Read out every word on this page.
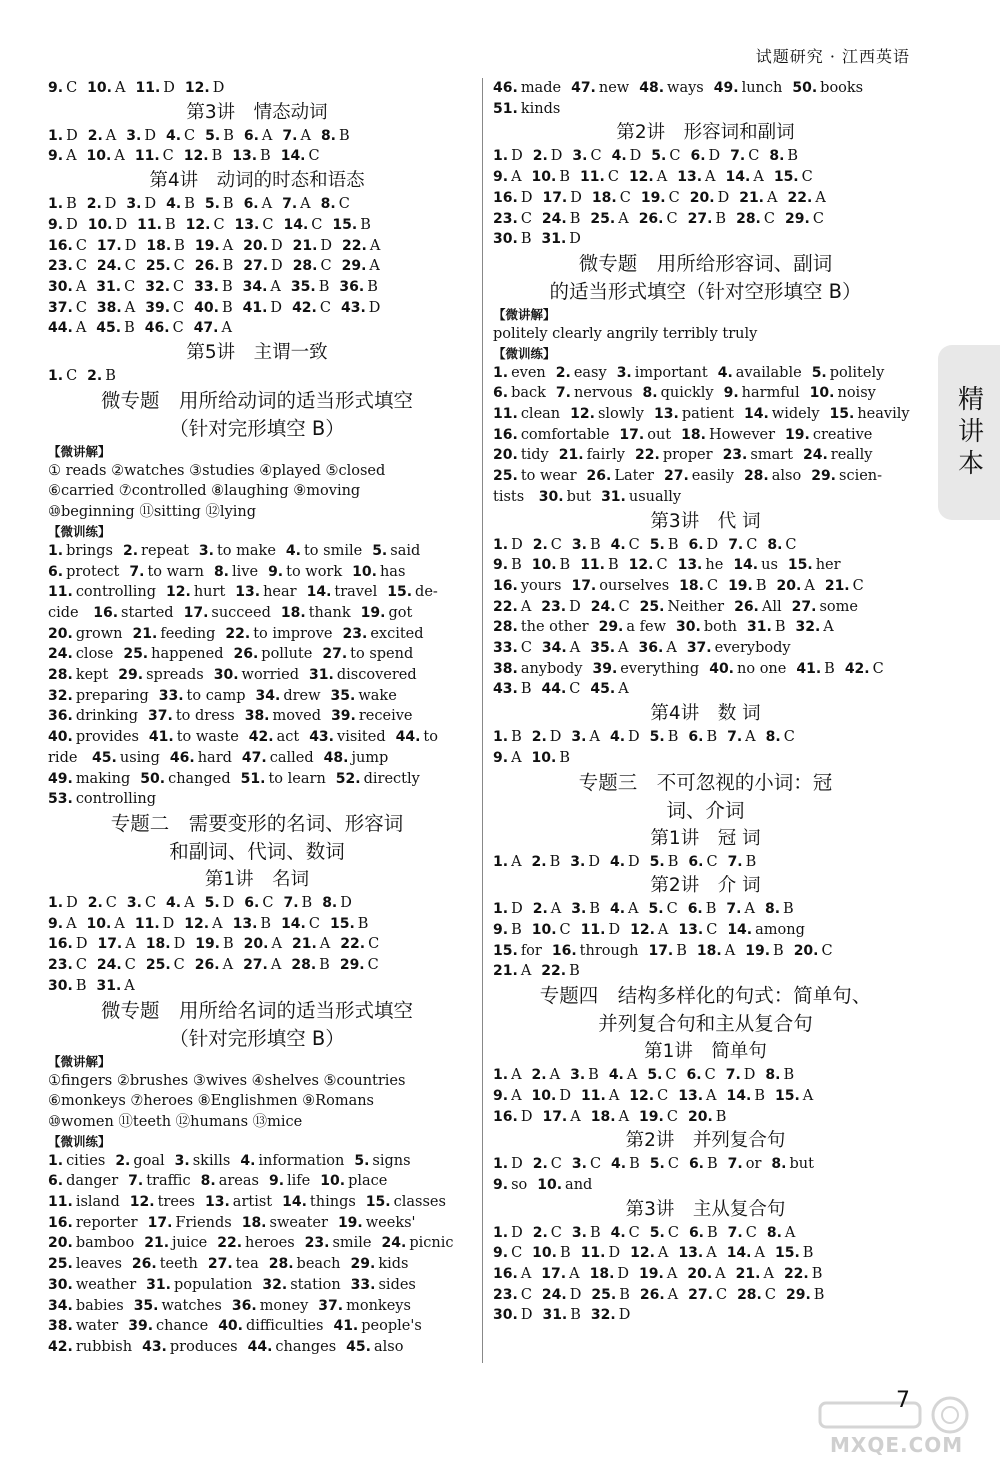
试题研究 · 江西英语
9. C 10. A 11. D 12. D
第3讲　情态动词
1. D 2. A 3. D 4. C 5. B 6. A 7. A 8. B
9. A 10. A 11. C 12. B 13. B 14. C
第4讲　动词的时态和语态
1. B 2. D 3. D 4. B 5. B 6. A 7. A 8. C
9. D 10. D 11. B 12. C 13. C 14. C 15. B
16. C 17. D 18. B 19. A 20. D 21. D 22. A
23. C 24. C 25. C 26. B 27. D 28. C 29. A
30. A 31. C 32. C 33. B 34. A 35. B 36. B
37. C 38. A 39. C 40. B 41. D 42. C 43. D
44. A 45. B 46. C 47. A
第5讲　主谓一致
1. C 2. B
微专题　用所给动词的适当形式填空
（针对完形填空 B）
【微讲解】
① reads ②watches ③studies ④played ⑤closed
⑥carried ⑦controlled ⑧laughing ⑨moving
⑩beginning ⑪sitting ⑫lying
【微训练】
1. brings 2. repeat 3. to make 4. to smile 5. said
6. protect 7. to warn 8. live 9. to work 10. has
11. controlling 12. hurt 13. hear 14. travel 15. de-
cide 16. started 17. succeed 18. thank 19. got
20. grown 21. feeding 22. to improve 23. excited
24. close 25. happened 26. pollute 27. to spend
28. kept 29. spreads 30. worried 31. discovered
32. preparing 33. to camp 34. drew 35. wake
36. drinking 37. to dress 38. moved 39. receive
40. provides 41. to waste 42. act 43. visited 44. to
ride 45. using 46. hard 47. called 48. jump
49. making 50. changed 51. to learn 52. directly
53. controlling
专题二　需要变形的名词、形容词
和副词、代词、数词
第1讲　名词
1. D 2. C 3. C 4. A 5. D 6. C 7. B 8. D
9. A 10. A 11. D 12. A 13. B 14. C 15. B
16. D 17. A 18. D 19. B 20. A 21. A 22. C
23. C 24. C 25. C 26. A 27. A 28. B 29. C
30. B 31. A
微专题　用所给名词的适当形式填空
（针对完形填空 B）
【微讲解】
①fingers ②brushes ③wives ④shelves ⑤countries
⑥monkeys ⑦heroes ⑧Englishmen ⑨Romans
⑩women ⑪teeth ⑫humans ⑬mice
【微训练】
1. cities 2. goal 3. skills 4. information 5. signs
6. danger 7. traffic 8. areas 9. life 10. place
11. island 12. trees 13. artist 14. things 15. classes
16. reporter 17. Friends 18. sweater 19. weeks'
20. bamboo 21. juice 22. heroes 23. smile 24. picnic
25. leaves 26. teeth 27. tea 28. beach 29. kids
30. weather 31. population 32. station 33. sides
34. babies 35. watches 36. money 37. monkeys
38. water 39. chance 40. difficulties 41. people's
42. rubbish 43. produces 44. changes 45. also
46. made 47. new 48. ways 49. lunch 50. books
51. kinds
第2讲　形容词和副词
1. D 2. D 3. C 4. D 5. C 6. D 7. C 8. B
9. A 10. B 11. C 12. A 13. A 14. A 15. C
16. D 17. D 18. C 19. C 20. D 21. A 22. A
23. C 24. B 25. A 26. C 27. B 28. C 29. C
30. B 31. D
微专题　用所给形容词、副词
的适当形式填空（针对空形填空 B）
【微讲解】
politely clearly angrily terribly truly
【微训练】
1. even 2. easy 3. important 4. available 5. politely
6. back 7. nervous 8. quickly 9. harmful 10. noisy
11. clean 12. slowly 13. patient 14. widely 15. heavily
16. comfortable 17. out 18. However 19. creative
20. tidy 21. fairly 22. proper 23. smart 24. really
25. to wear 26. Later 27. easily 28. also 29. scien-
tists 30. but 31. usually
第3讲　代 词
1. D 2. C 3. B 4. C 5. B 6. D 7. C 8. C
9. B 10. B 11. B 12. C 13. he 14. us 15. her
16. yours 17. ourselves 18. C 19. B 20. A 21. C
22. A 23. D 24. C 25. Neither 26. All 27. some
28. the other 29. a few 30. both 31. B 32. A
33. C 34. A 35. A 36. A 37. everybody
38. anybody 39. everything 40. no one 41. B 42. C
43. B 44. C 45. A
第4讲　数 词
1. B 2. D 3. A 4. D 5. B 6. B 7. A 8. C
9. A 10. B
专题三　不可忽视的小词：冠
词、介词
第1讲　冠 词
1. A 2. B 3. D 4. D 5. B 6. C 7. B
第2讲　介 词
1. D 2. A 3. B 4. A 5. C 6. B 7. A 8. B
9. B 10. C 11. D 12. A 13. C 14. among
15. for 16. through 17. B 18. A 19. B 20. C
21. A 22. B
专题四　结构多样化的句式：简单句、
并列复合句和主从复合句
第1讲　简单句
1. A 2. A 3. B 4. A 5. C 6. C 7. D 8. B
9. A 10. D 11. A 12. C 13. A 14. B 15. A
16. D 17. A 18. A 19. C 20. B
第2讲　并列复合句
1. D 2. C 3. C 4. B 5. C 6. B 7. or 8. but
9. so 10. and
第3讲　主从复合句
1. D 2. C 3. B 4. C 5. C 6. B 7. C 8. A
9. C 10. B 11. D 12. A 13. A 14. A 15. B
16. A 17. A 18. D 19. A 20. A 21. A 22. B
23. C 24. D 25. B 26. A 27. C 28. C 29. B
30. D 31. B 32. D
精讲本
MXQE.COM
7
